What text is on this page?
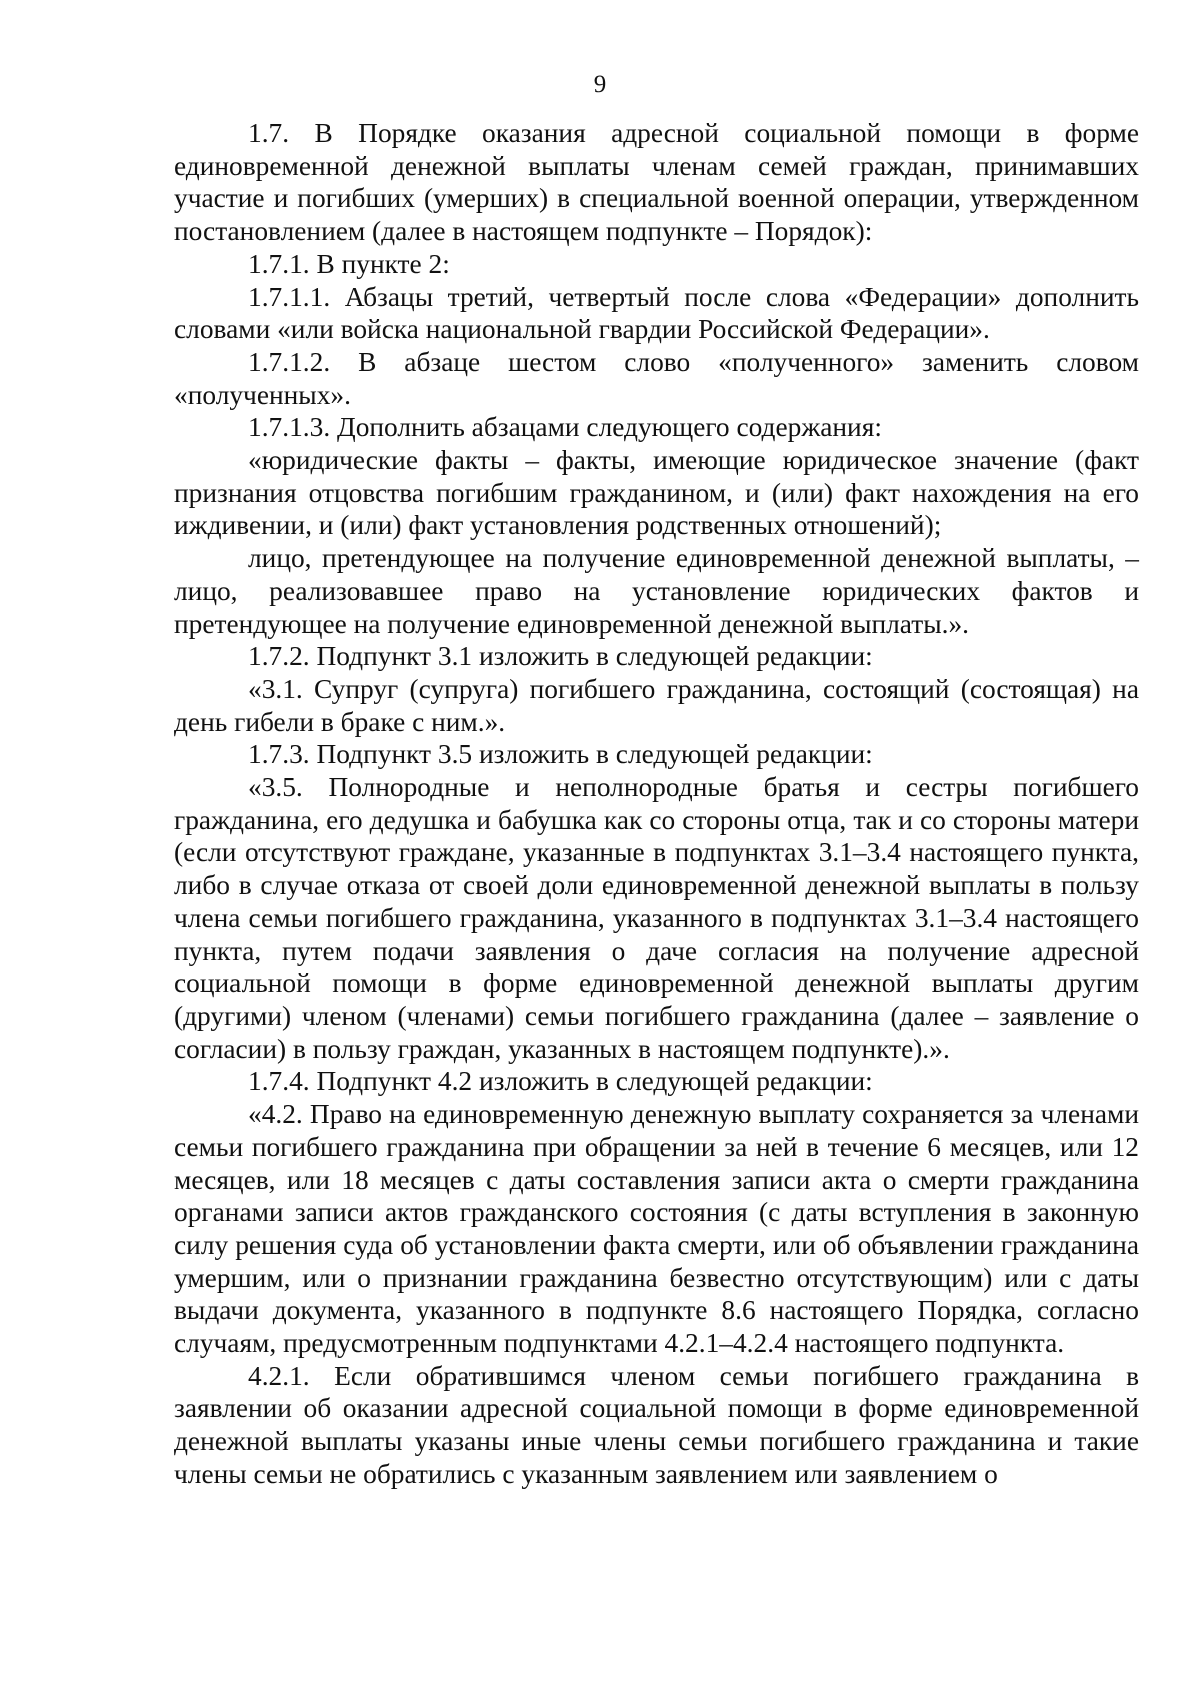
9

1.7. В Порядке оказания адресной социальной помощи в форме единовременной денежной выплаты членам семей граждан, принимавших участие и погибших (умерших) в специальной военной операции, утвержденном постановлением (далее в настоящем подпункте – Порядок):

1.7.1. В пункте 2:

1.7.1.1. Абзацы третий, четвертый после слова «Федерации» дополнить словами «или войска национальной гвардии Российской Федерации».

1.7.1.2. В абзаце шестом слово «полученного» заменить словом «полученных».

1.7.1.3. Дополнить абзацами следующего содержания:

«юридические факты – факты, имеющие юридическое значение (факт признания отцовства погибшим гражданином, и (или) факт нахождения на его иждивении, и (или) факт установления родственных отношений);

лицо, претендующее на получение единовременной денежной выплаты, – лицо, реализовавшее право на установление юридических фактов и претендующее на получение единовременной денежной выплаты.».

1.7.2. Подпункт 3.1 изложить в следующей редакции:

«3.1. Супруг (супруга) погибшего гражданина, состоящий (состоящая) на день гибели в браке с ним.».

1.7.3. Подпункт 3.5 изложить в следующей редакции:

«3.5. Полнородные и неполнородные братья и сестры погибшего гражданина, его дедушка и бабушка как со стороны отца, так и со стороны матери (если отсутствуют граждане, указанные в подпунктах 3.1–3.4 настоящего пункта, либо в случае отказа от своей доли единовременной денежной выплаты в пользу члена семьи погибшего гражданина, указанного в подпунктах 3.1–3.4 настоящего пункта, путем подачи заявления о даче согласия на получение адресной социальной помощи в форме единовременной денежной выплаты другим (другими) членом (членами) семьи погибшего гражданина (далее – заявление о согласии) в пользу граждан, указанных в настоящем подпункте).».

1.7.4. Подпункт 4.2 изложить в следующей редакции:

«4.2. Право на единовременную денежную выплату сохраняется за членами семьи погибшего гражданина при обращении за ней в течение 6 месяцев, или 12 месяцев, или 18 месяцев с даты составления записи акта о смерти гражданина органами записи актов гражданского состояния (с даты вступления в законную силу решения суда об установлении факта смерти, или об объявлении гражданина умершим, или о признании гражданина безвестно отсутствующим) или с даты выдачи документа, указанного в подпункте 8.6 настоящего Порядка, согласно случаям, предусмотренным подпунктами 4.2.1–4.2.4 настоящего подпункта.

4.2.1. Если обратившимся членом семьи погибшего гражданина в заявлении об оказании адресной социальной помощи в форме единовременной денежной выплаты указаны иные члены семьи погибшего гражданина и такие члены семьи не обратились с указанным заявлением или заявлением о
